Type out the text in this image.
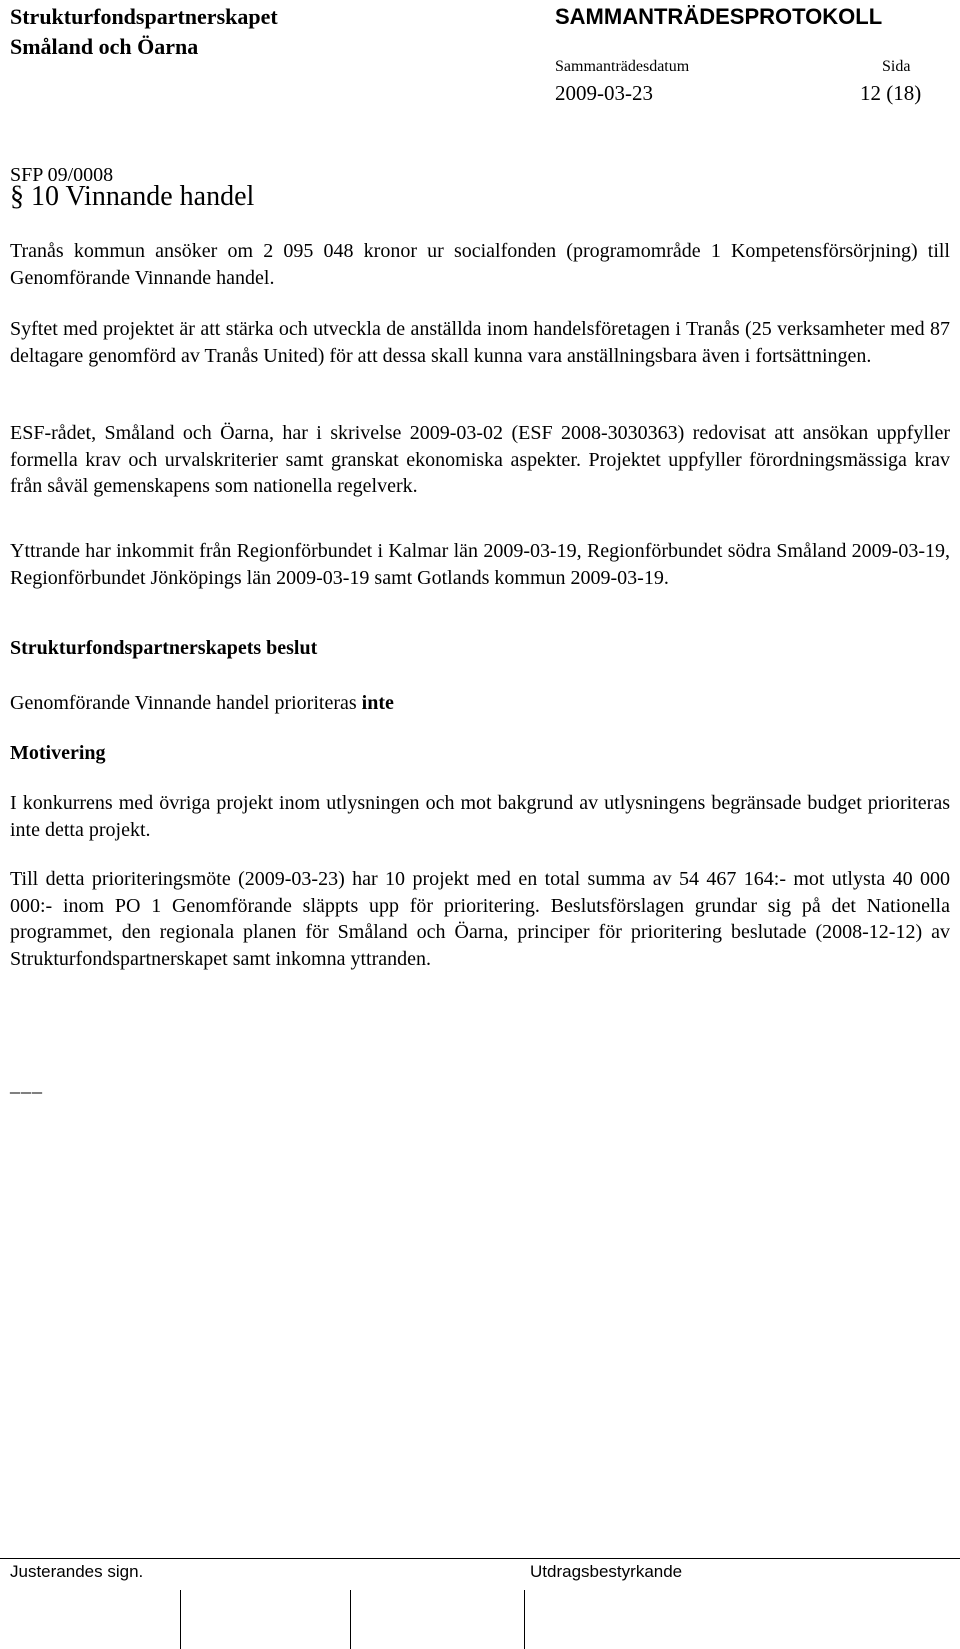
Strukturfondspartnerskapet
Småland och Öarna
SAMMANTRÄDESPROTOKOLL
Sammanträdesdatum	Sida
2009-03-23	12 (18)
SFP 09/0008
§ 10 Vinnande handel
Tranås kommun ansöker om 2 095 048 kronor ur socialfonden (programområde 1 Kompetensförsörjning) till Genomförande Vinnande handel.
Syftet med projektet är att stärka och utveckla de anställda inom handelsföretagen i Tranås (25 verksamheter med 87 deltagare genomförd av Tranås United) för att dessa skall kunna vara anställningsbara även i fortsättningen.
ESF-rådet, Småland och Öarna, har i skrivelse 2009-03-02 (ESF 2008-3030363) redovisat att ansökan uppfyller formella krav och urvalskriterier samt granskat ekonomiska aspekter. Projektet uppfyller förordningsmässiga krav från såväl gemenskapens som nationella regelverk.
Yttrande har inkommit från Regionförbundet i Kalmar län 2009-03-19, Regionförbundet södra Småland 2009-03-19, Regionförbundet Jönköpings län 2009-03-19 samt Gotlands kommun 2009-03-19.
Strukturfondspartnerskapets beslut
Genomförande Vinnande handel prioriteras inte
Motivering
I konkurrens med övriga projekt inom utlysningen och mot bakgrund av utlysningens begränsade budget prioriteras inte detta projekt.
Till detta prioriteringsmöte (2009-03-23) har 10 projekt med en total summa av 54 467 164:- mot utlysta 40 000 000:- inom PO 1 Genomförande släppts upp för prioritering. Beslutsförslagen grundar sig på det Nationella programmet, den regionala planen för Småland och Öarna, principer för prioritering beslutade (2008-12-12) av Strukturfondspartnerskapet samt inkomna yttranden.
___
Justerandes sign.	Utdragsbestyrkande
